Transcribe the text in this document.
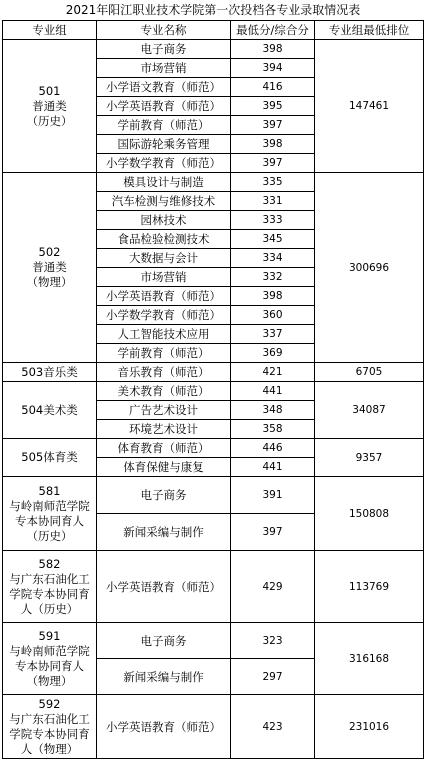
2021年阳江职业技术学院第一次投档各专业录取情况表
专业组	专业名称	最低分/综合分	专业组最低排位

501
普通类
（历史）	电子商务	398	147461
	市场营销	394	
	小学语文教育（师范）	416	
	小学英语教育（师范）	395	
	学前教育（师范）	397	
	国际游轮乘务管理	398	
	小学数学教育（师范）	397	

502
普通类
（物理）	模具设计与制造	335	300696
	汽车检测与维修技术	331	
	园林技术	333	
	食品检验检测技术	345	
	大数据与会计	334	
	市场营销	332	
	小学英语教育（师范）	398	
	小学数学教育（师范）	360	
	人工智能技术应用	337	
	学前教育（师范）	369	
503音乐类	音乐教育（师范）	421	6705
504美术类	美术教育（师范）	441	34087
	广告艺术设计	348	
	环境艺术设计	358	
505体育类	体育教育（师范）	446	9357
	体育保健与康复	441	

581
与岭南师范学院
专本协同育人
（历史）	电子商务	391	150808
	新闻采编与制作	397	

582
与广东石油化工
学院专本协同育
人（历史）	小学英语教育（师范）	429	113769

591
与岭南师范学院
专本协同育人
（物理）	电子商务	323	316168
	新闻采编与制作	297	

592
与广东石油化工
学院专本协同育
人（物理）	小学英语教育（师范）	423	231016
